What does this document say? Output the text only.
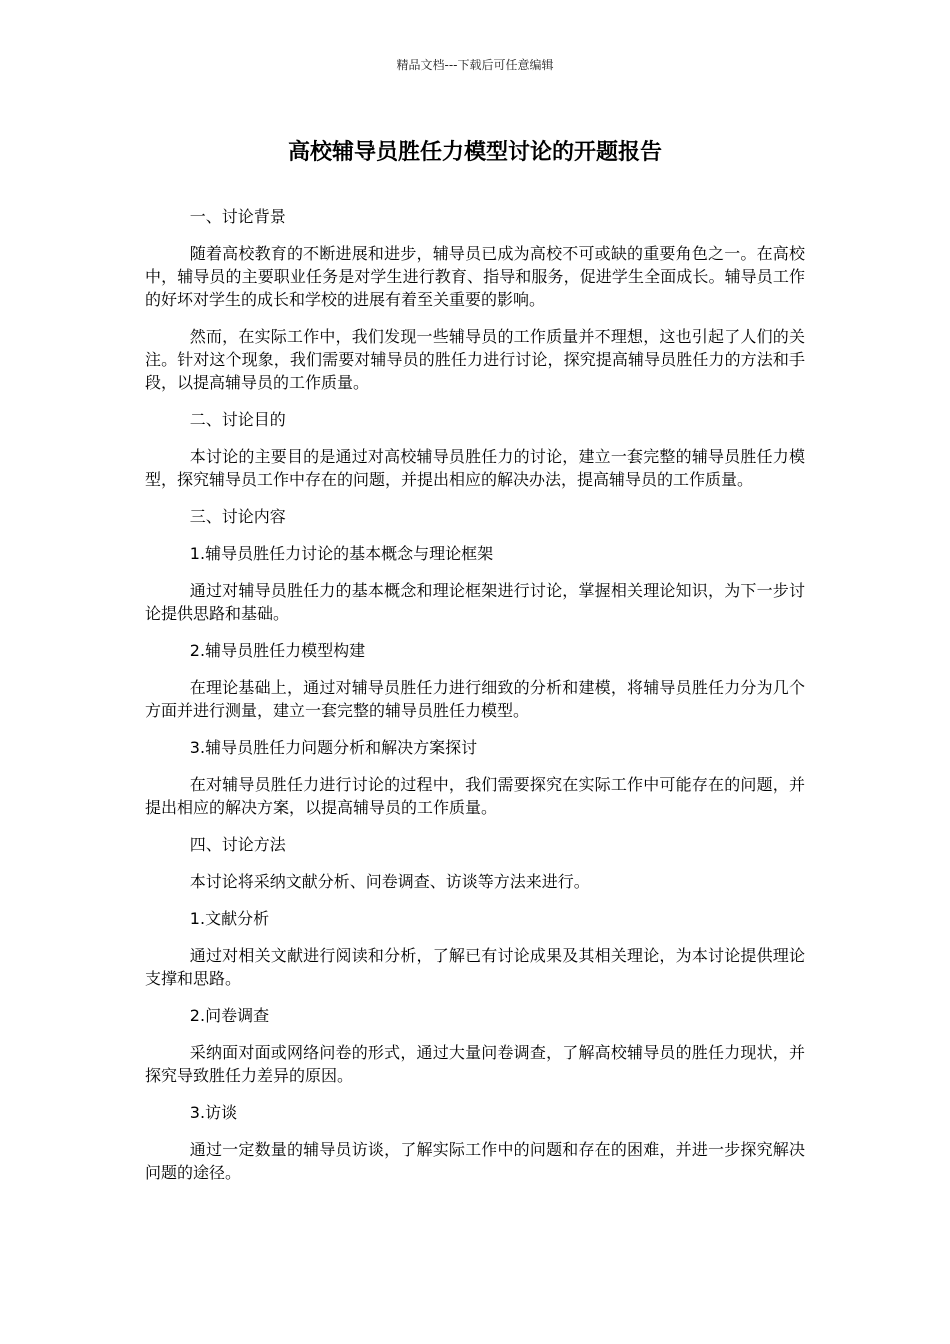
精品文档---下载后可任意编辑
高校辅导员胜任力模型讨论的开题报告
一、讨论背景
随着高校教育的不断进展和进步，辅导员已成为高校不可或缺的重要角色之一。在高校中，辅导员的主要职业任务是对学生进行教育、指导和服务，促进学生全面成长。辅导员工作的好坏对学生的成长和学校的进展有着至关重要的影响。
然而，在实际工作中，我们发现一些辅导员的工作质量并不理想，这也引起了人们的关注。针对这个现象，我们需要对辅导员的胜任力进行讨论，探究提高辅导员胜任力的方法和手段，以提高辅导员的工作质量。
二、讨论目的
本讨论的主要目的是通过对高校辅导员胜任力的讨论，建立一套完整的辅导员胜任力模型，探究辅导员工作中存在的问题，并提出相应的解决办法，提高辅导员的工作质量。
三、讨论内容
1.辅导员胜任力讨论的基本概念与理论框架
通过对辅导员胜任力的基本概念和理论框架进行讨论，掌握相关理论知识，为下一步讨论提供思路和基础。
2.辅导员胜任力模型构建
在理论基础上，通过对辅导员胜任力进行细致的分析和建模，将辅导员胜任力分为几个方面并进行测量，建立一套完整的辅导员胜任力模型。
3.辅导员胜任力问题分析和解决方案探讨
在对辅导员胜任力进行讨论的过程中，我们需要探究在实际工作中可能存在的问题，并提出相应的解决方案，以提高辅导员的工作质量。
四、讨论方法
本讨论将采纳文献分析、问卷调查、访谈等方法来进行。
1.文献分析
通过对相关文献进行阅读和分析，了解已有讨论成果及其相关理论，为本讨论提供理论支撑和思路。
2.问卷调查
采纳面对面或网络问卷的形式，通过大量问卷调查，了解高校辅导员的胜任力现状，并探究导致胜任力差异的原因。
3.访谈
通过一定数量的辅导员访谈，了解实际工作中的问题和存在的困难，并进一步探究解决问题的途径。
